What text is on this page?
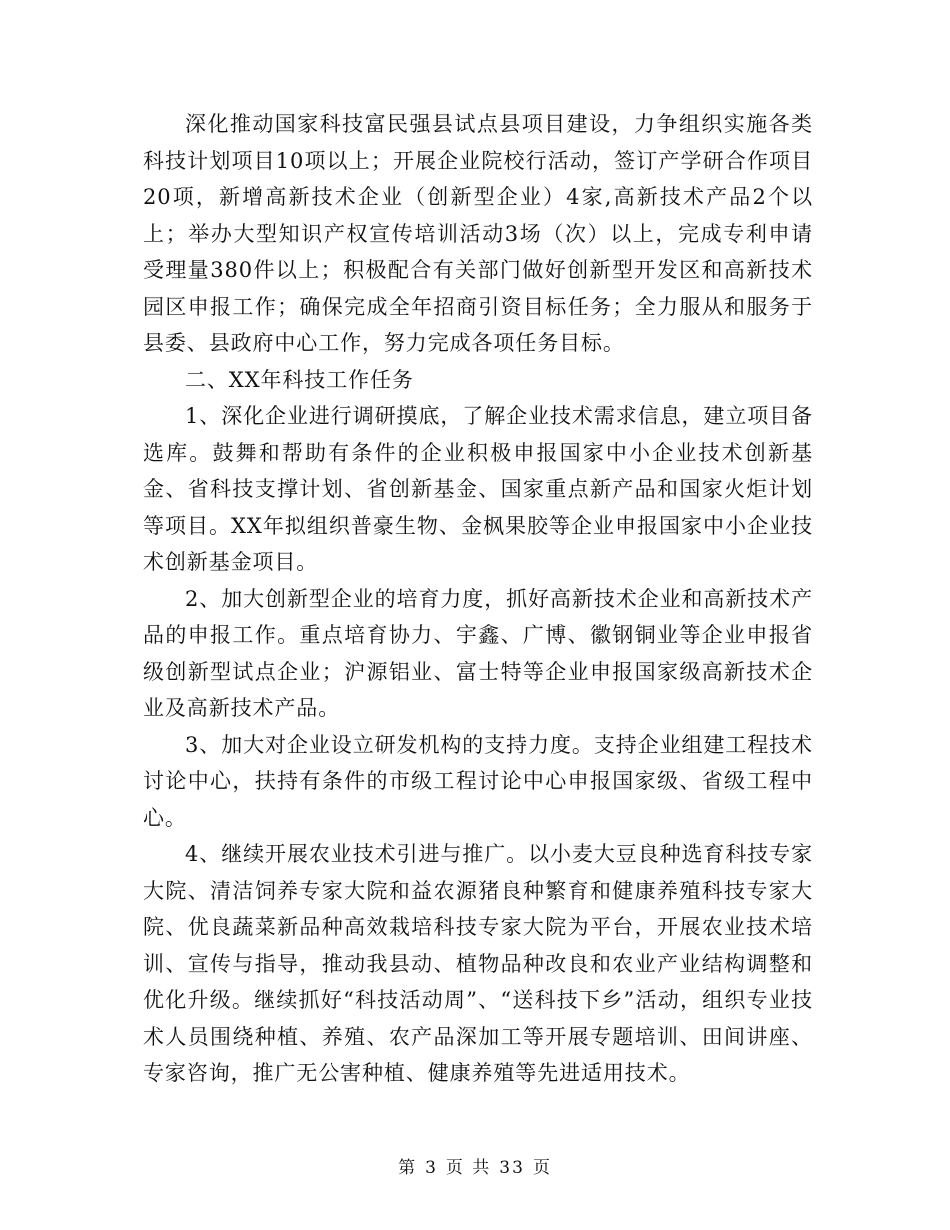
深化推动国家科技富民强县试点县项目建设，力争组织实施各类科技计划项目10项以上；开展企业院校行活动，签订产学研合作项目20项，新增高新技术企业（创新型企业）4家,高新技术产品2个以上；举办大型知识产权宣传培训活动3场（次）以上，完成专利申请受理量380件以上；积极配合有关部门做好创新型开发区和高新技术园区申报工作；确保完成全年招商引资目标任务；全力服从和服务于县委、县政府中心工作，努力完成各项任务目标。

二、XX年科技工作任务

1、深化企业进行调研摸底，了解企业技术需求信息，建立项目备选库。鼓舞和帮助有条件的企业积极申报国家中小企业技术创新基金、省科技支撑计划、省创新基金、国家重点新产品和国家火炬计划等项目。XX年拟组织普豪生物、金枫果胶等企业申报国家中小企业技术创新基金项目。

2、加大创新型企业的培育力度，抓好高新技术企业和高新技术产品的申报工作。重点培育协力、宇鑫、广博、徽钢铜业等企业申报省级创新型试点企业；沪源铝业、富士特等企业申报国家级高新技术企业及高新技术产品。

3、加大对企业设立研发机构的支持力度。支持企业组建工程技术讨论中心，扶持有条件的市级工程讨论中心申报国家级、省级工程中心。

4、继续开展农业技术引进与推广。以小麦大豆良种选育科技专家大院、清洁饲养专家大院和益农源猪良种繁育和健康养殖科技专家大院、优良蔬菜新品种高效栽培科技专家大院为平台，开展农业技术培训、宣传与指导，推动我县动、植物品种改良和农业产业结构调整和优化升级。继续抓好“科技活动周”、“送科技下乡”活动，组织专业技术人员围绕种植、养殖、农产品深加工等开展专题培训、田间讲座、专家咨询，推广无公害种植、健康养殖等先进适用技术。

第 3 页 共 33 页
